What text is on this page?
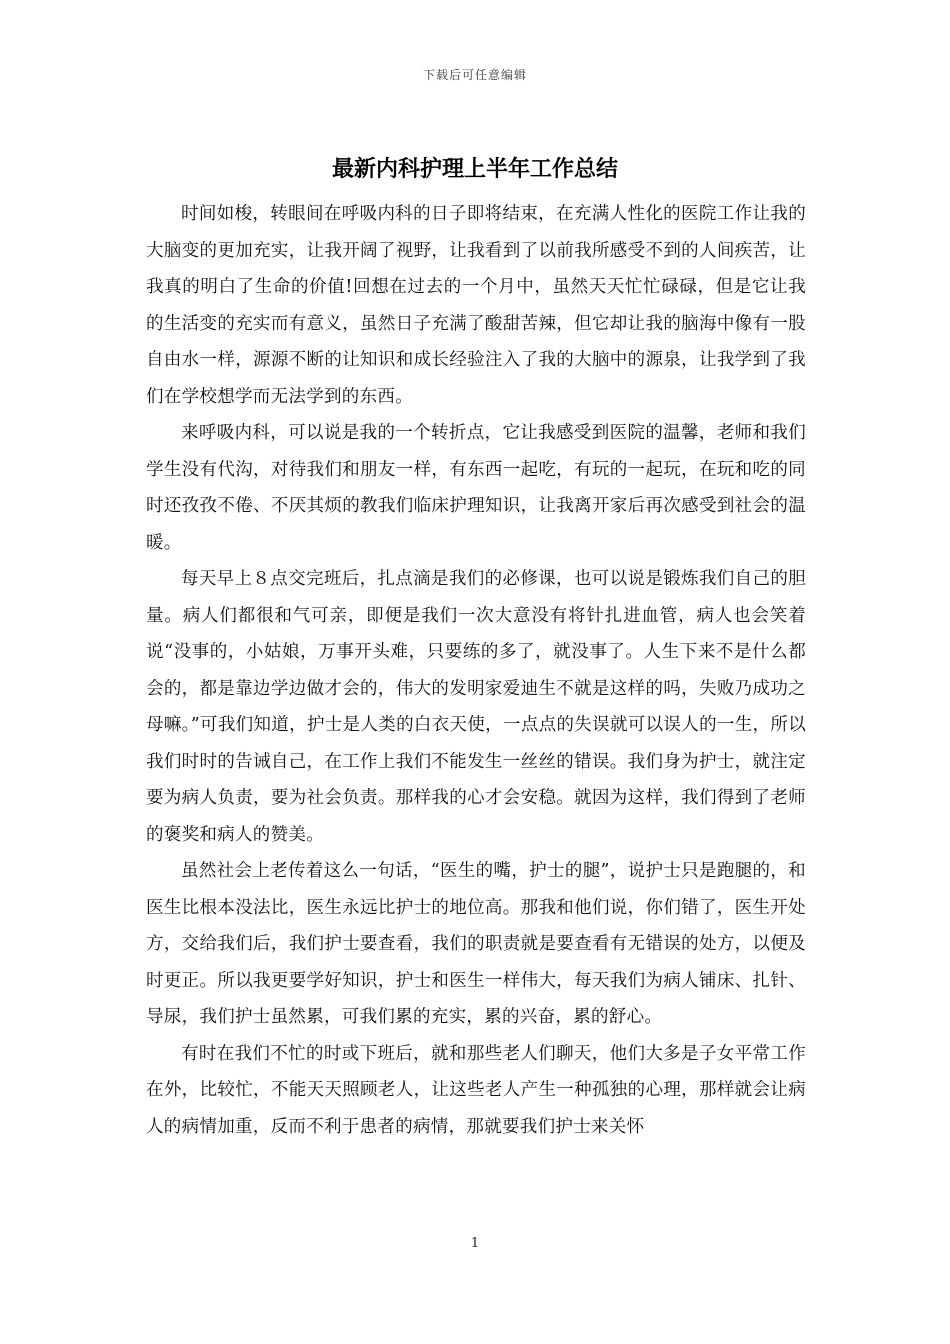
下载后可任意编辑
最新内科护理上半年工作总结

时间如梭，转眼间在呼吸内科的日子即将结束，在充满人性化的医院工作让我的大脑变的更加充实，让我开阔了视野，让我看到了以前我所感受不到的人间疾苦，让我真的明白了生命的价值!回想在过去的一个月中，虽然天天忙忙碌碌，但是它让我的生活变的充实而有意义，虽然日子充满了酸甜苦辣，但它却让我的脑海中像有一股自由水一样，源源不断的让知识和成长经验注入了我的大脑中的源泉，让我学到了我们在学校想学而无法学到的东西。

来呼吸内科，可以说是我的一个转折点，它让我感受到医院的温馨，老师和我们学生没有代沟，对待我们和朋友一样，有东西一起吃，有玩的一起玩，在玩和吃的同时还孜孜不倦、不厌其烦的教我们临床护理知识，让我离开家后再次感受到社会的温暖。

每天早上８点交完班后，扎点滴是我们的必修课，也可以说是锻炼我们自己的胆量。病人们都很和气可亲，即便是我们一次大意没有将针扎进血管，病人也会笑着说“没事的，小姑娘，万事开头难，只要练的多了，就没事了。人生下来不是什么都会的，都是靠边学边做才会的，伟大的发明家爱迪生不就是这样的吗，失败乃成功之母嘛。”可我们知道，护士是人类的白衣天使，一点点的失误就可以误人的一生，所以我们时时的告诫自己，在工作上我们不能发生一丝丝的错误。我们身为护士，就注定要为病人负责，要为社会负责。那样我的心才会安稳。就因为这样，我们得到了老师的褒奖和病人的赞美。

虽然社会上老传着这么一句话，“医生的嘴，护士的腿”，说护士只是跑腿的，和医生比根本没法比，医生永远比护士的地位高。那我和他们说，你们错了，医生开处方，交给我们后，我们护士要查看，我们的职责就是要查看有无错误的处方，以便及时更正。所以我更要学好知识，护士和医生一样伟大，每天我们为病人铺床、扎针、导尿，我们护士虽然累，可我们累的充实，累的兴奋，累的舒心。

有时在我们不忙的时或下班后，就和那些老人们聊天，他们大多是子女平常工作在外，比较忙，不能天天照顾老人，让这些老人产生一种孤独的心理，那样就会让病人的病情加重，反而不利于患者的病情，那就要我们护士来关怀

1
